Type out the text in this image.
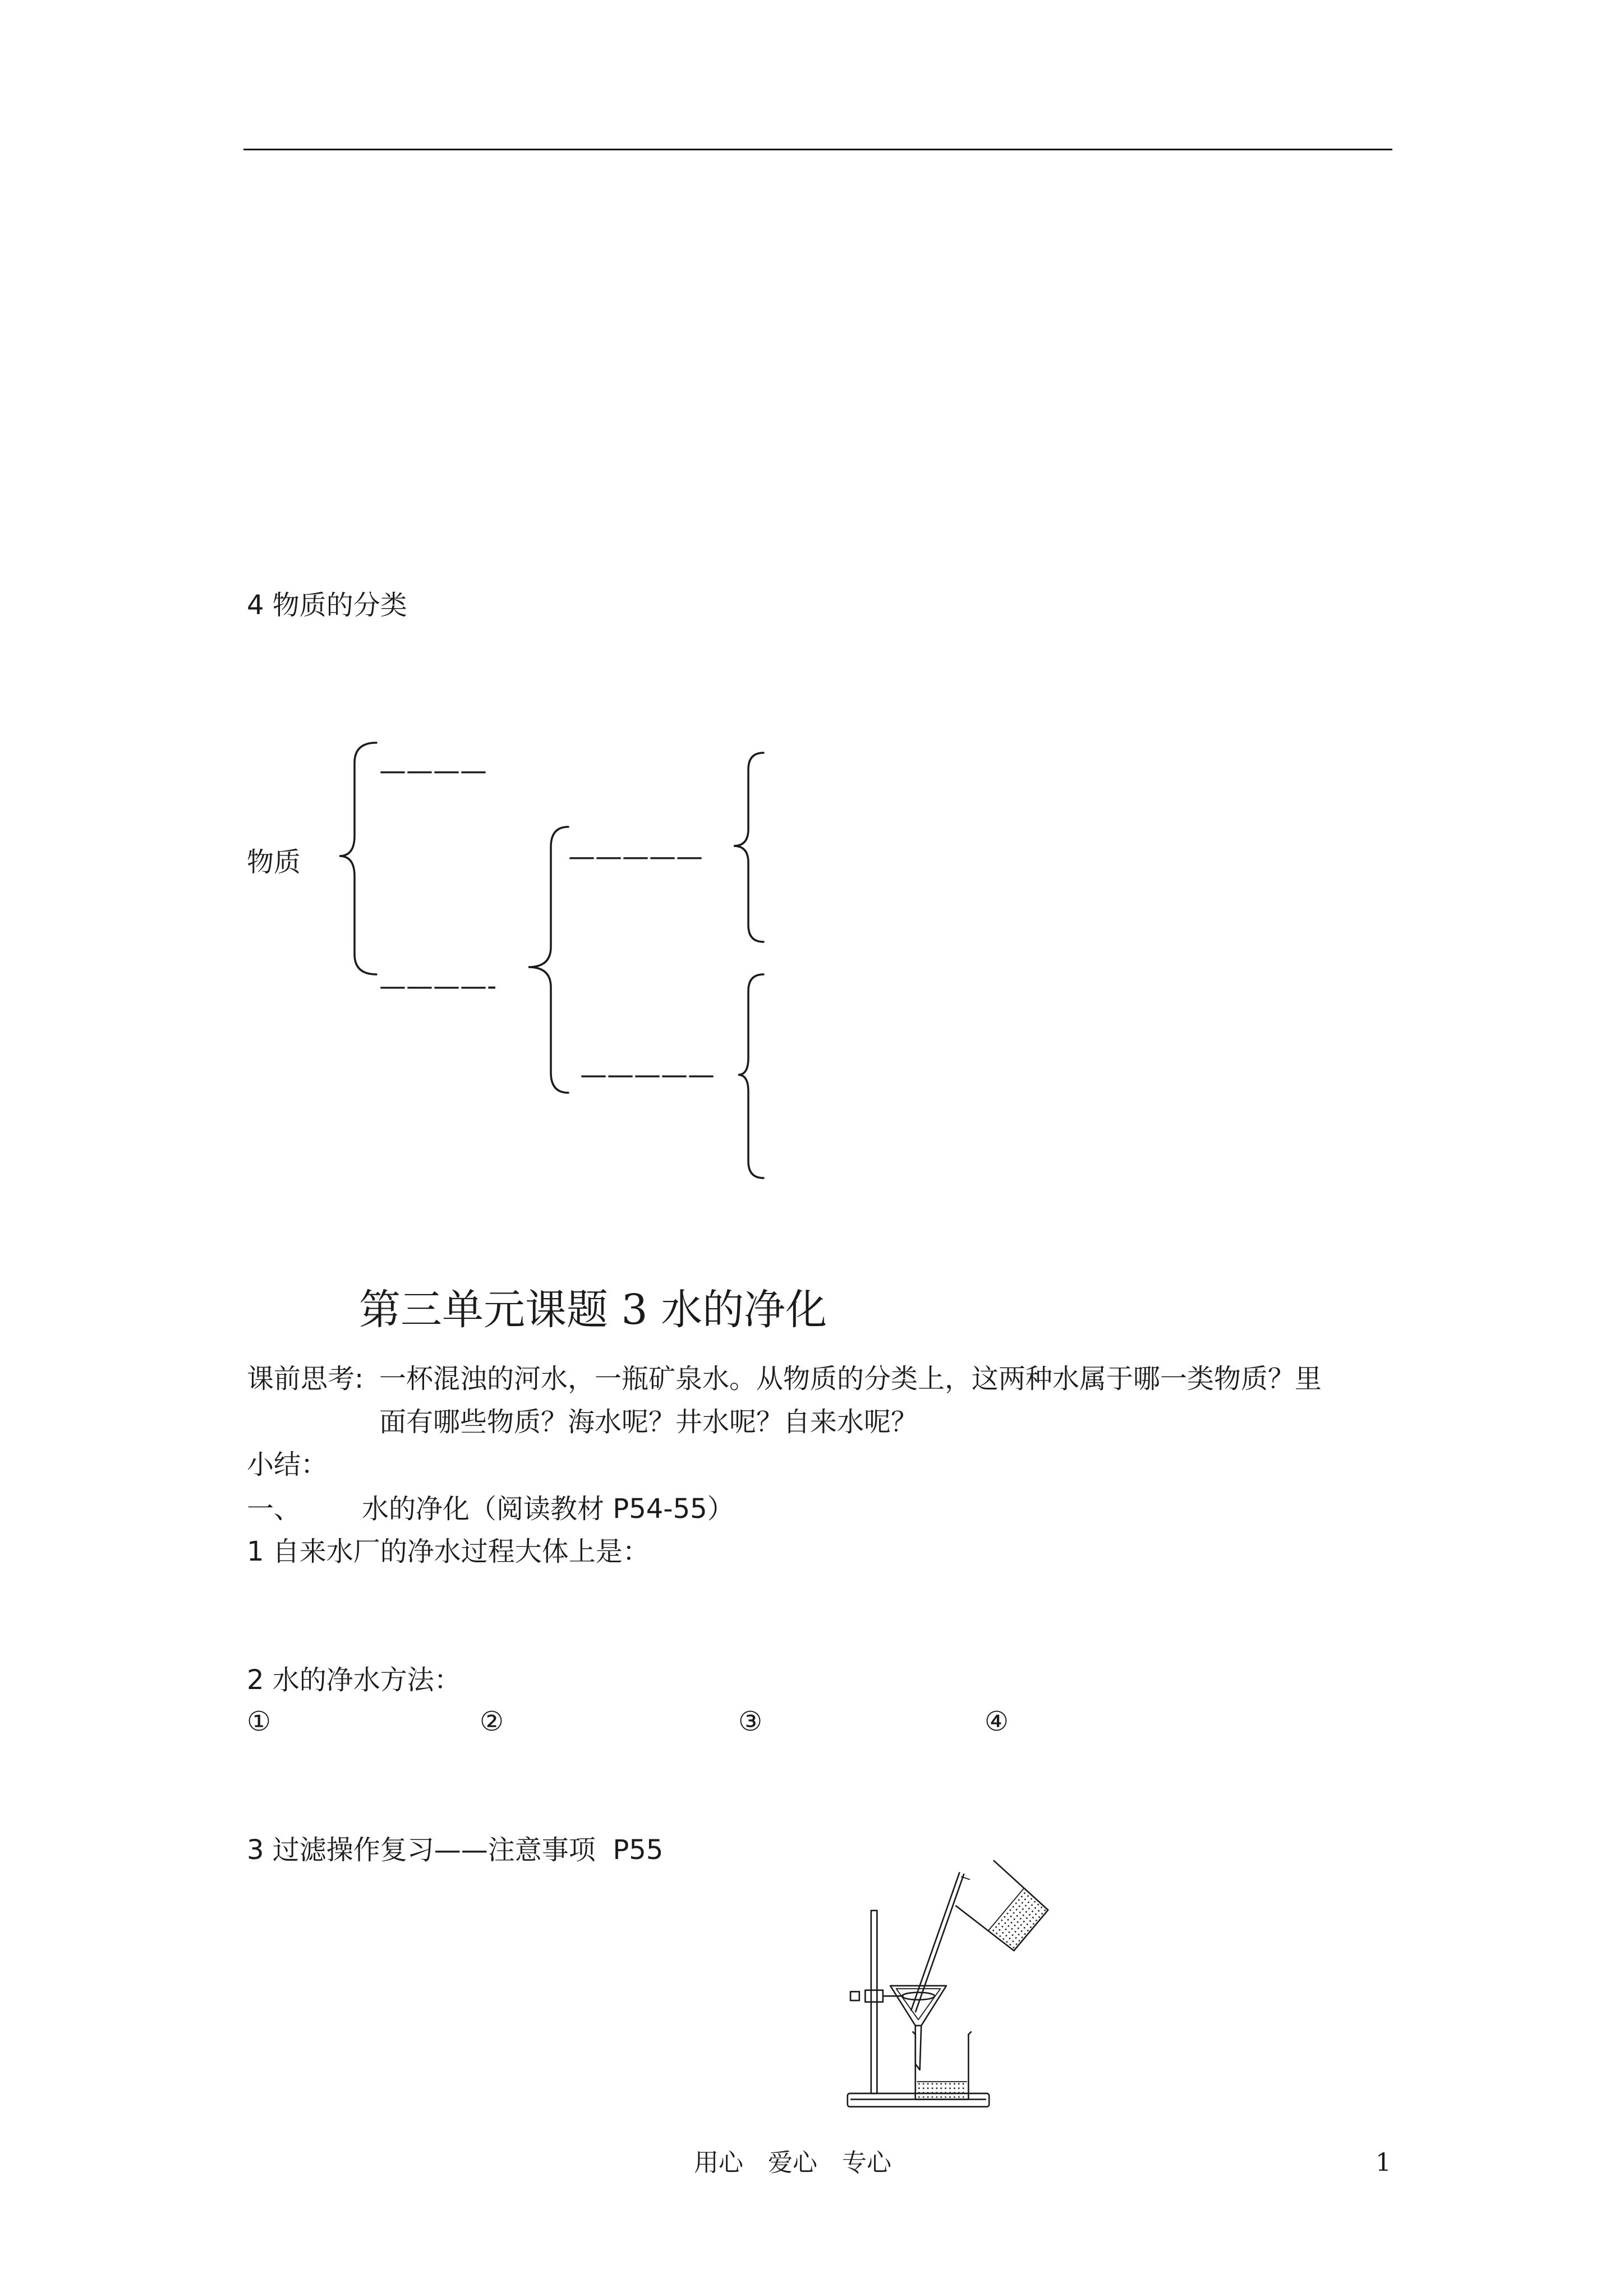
4 物质的分类
物质
————
—————
————-
—————
第三单元课题 3 水的净化
课前思考: 一杯混浊的河水，一瓶矿泉水。从物质的分类上，这两种水属于哪一类物质？里
面有哪些物质？海水呢？井水呢？自来水呢？
小结：
一、 水的净化（阅读教材 P54-55）
1 自来水厂的净水过程大体上是：
2 水的净水方法：
①	②	③	④
3 过滤操作复习——注意事项  P55
用心　爱心　专心	1
